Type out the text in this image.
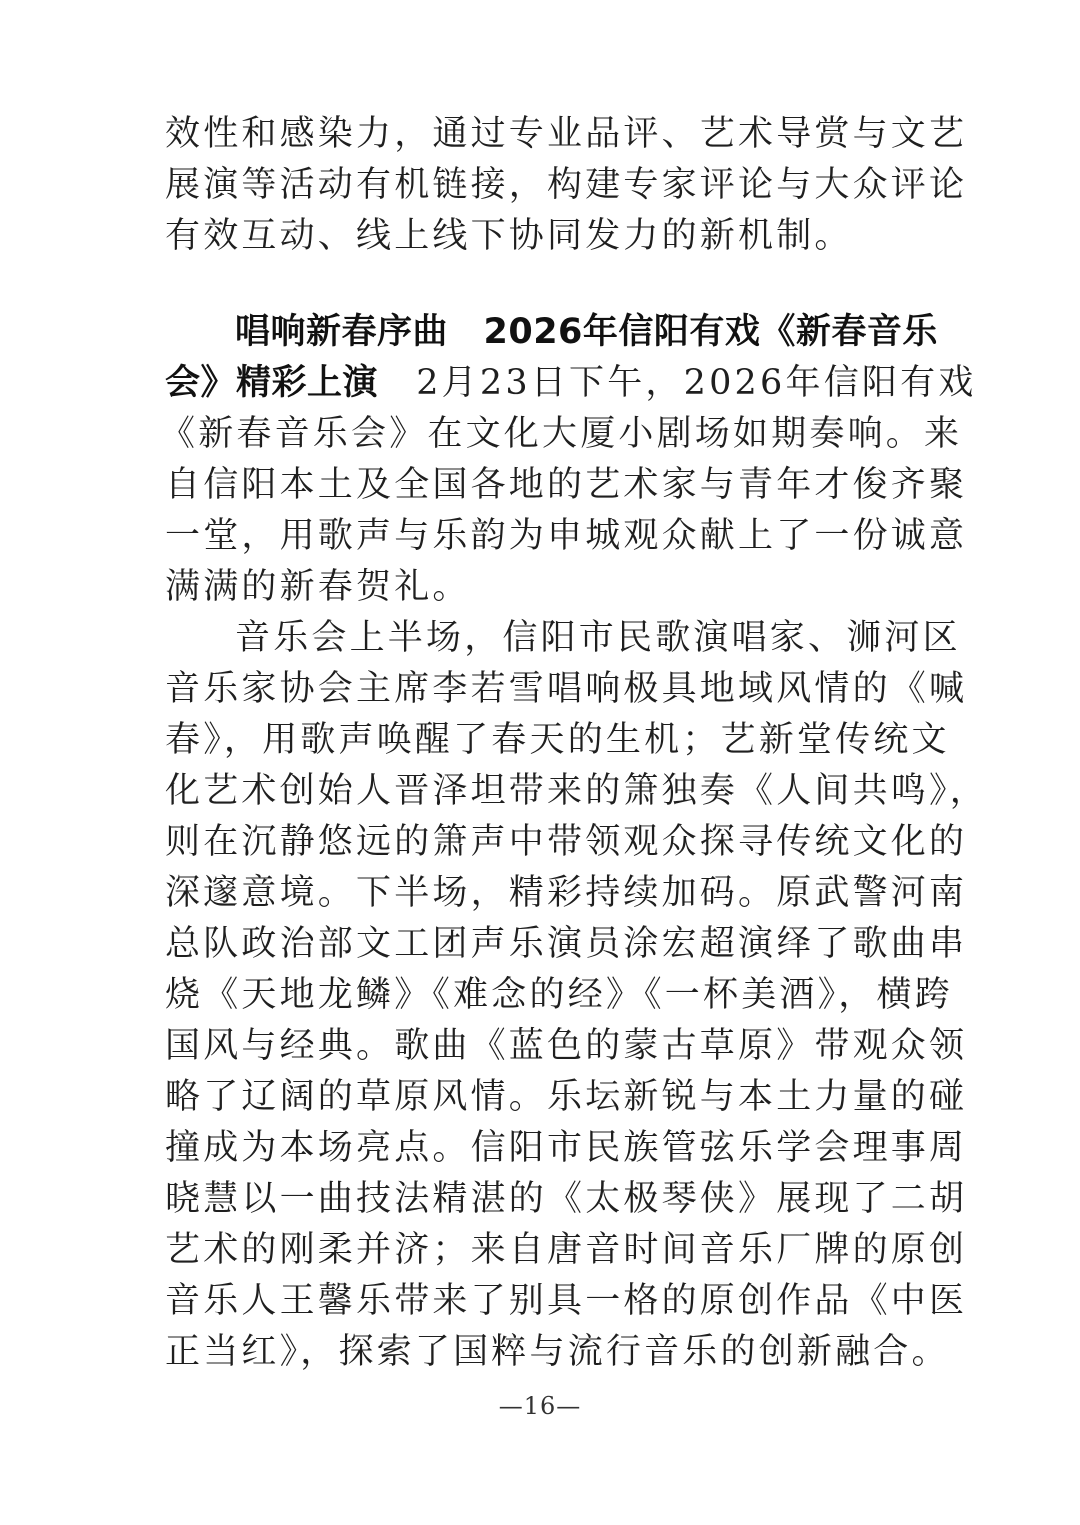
效性和感染力，通过专业品评、艺术导赏与文艺
展演等活动有机链接，构建专家评论与大众评论
有效互动、线上线下协同发力的新机制。
唱响新春序曲　2026年信阳有戏《新春音乐
会》精彩上演　2月23日下午，2026年信阳有戏
《新春音乐会》在文化大厦小剧场如期奏响。来
自信阳本土及全国各地的艺术家与青年才俊齐聚
一堂，用歌声与乐韵为申城观众献上了一份诚意
满满的新春贺礼。
音乐会上半场，信阳市民歌演唱家、浉河区
音乐家协会主席李若雪唱响极具地域风情的《喊
春》，用歌声唤醒了春天的生机；艺新堂传统文
化艺术创始人晋泽坦带来的箫独奏《人间共鸣》，
则在沉静悠远的箫声中带领观众探寻传统文化的
深邃意境。下半场，精彩持续加码。原武警河南
总队政治部文工团声乐演员涂宏超演绎了歌曲串
烧《天地龙鳞》《难念的经》《一杯美酒》，横跨
国风与经典。歌曲《蓝色的蒙古草原》带观众领
略了辽阔的草原风情。乐坛新锐与本土力量的碰
撞成为本场亮点。信阳市民族管弦乐学会理事周
晓慧以一曲技法精湛的《太极琴侠》展现了二胡
艺术的刚柔并济；来自唐音时间音乐厂牌的原创
音乐人王馨乐带来了别具一格的原创作品《中医
正当红》，探索了国粹与流行音乐的创新融合。
—16—
